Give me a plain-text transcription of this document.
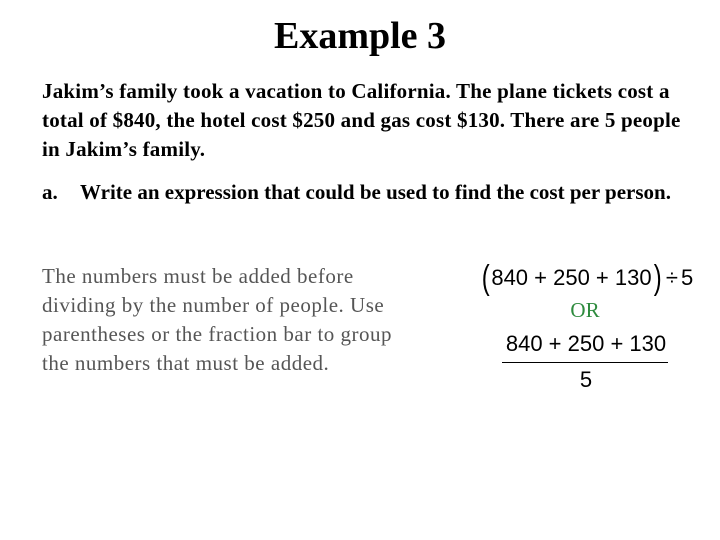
Example 3
Jakim’s family took a vacation to California. The plane tickets cost a total of $840, the hotel cost $250 and gas cost $130. There are 5 people in Jakim’s family.
a.	Write an expression that could be used to find the cost per person.
The numbers must be added before dividing by the number of people. Use parentheses or the fraction bar to group the numbers that must be added.
( 840 + 250 + 130 ) ÷ 5
OR
840 + 250 + 130
5
